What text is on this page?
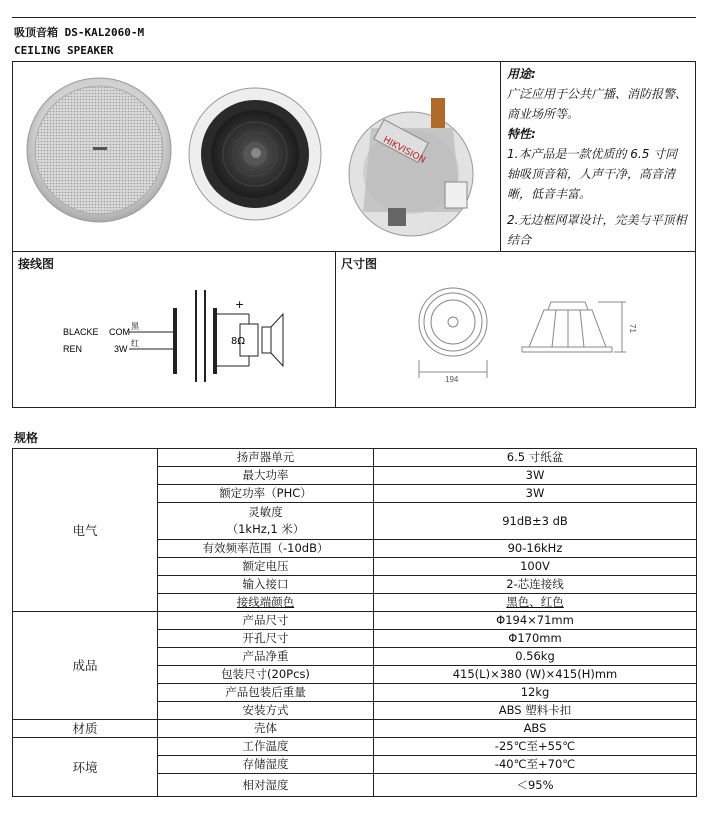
吸顶音箱 DS-KAL2060-M
CEILING SPEAKER
HIKVISION
用途:
广泛应用于公共广播、消防报警、商业场所等。
特性:
1.本产品是一款优质的 6.5 寸同轴吸顶音箱，人声干净，高音清晰，低音丰富。
2.无边框网罩设计，完美与平顶相结合
接线图
BLACKE
REN
COM
3W
黑
红
+
8Ω
尺寸图
194
71
规格
电气	扬声器单元	6.5 寸纸盆
	最大功率	3W
	额定功率（PHC）	3W

	灵敏度
（1kHz,1 米）	91dB±3 dB
	有效频率范围（-10dB）	90-16kHz
	额定电压	100V
	输入接口	2-芯连接线
	接线端颜色	黑色、红色
成品	产品尺寸	Φ194×71mm
	开孔尺寸	Φ170mm
	产品净重	0.56kg
	包装尺寸(20Pcs)	415(L)×380 (W)×415(H)mm
	产品包装后重量	12kg
	安装方式	ABS 塑料卡扣
材质	壳体	ABS
环境	工作温度	-25℃至+55℃
	存储湿度	-40℃至+70℃
	相对湿度	＜95%
